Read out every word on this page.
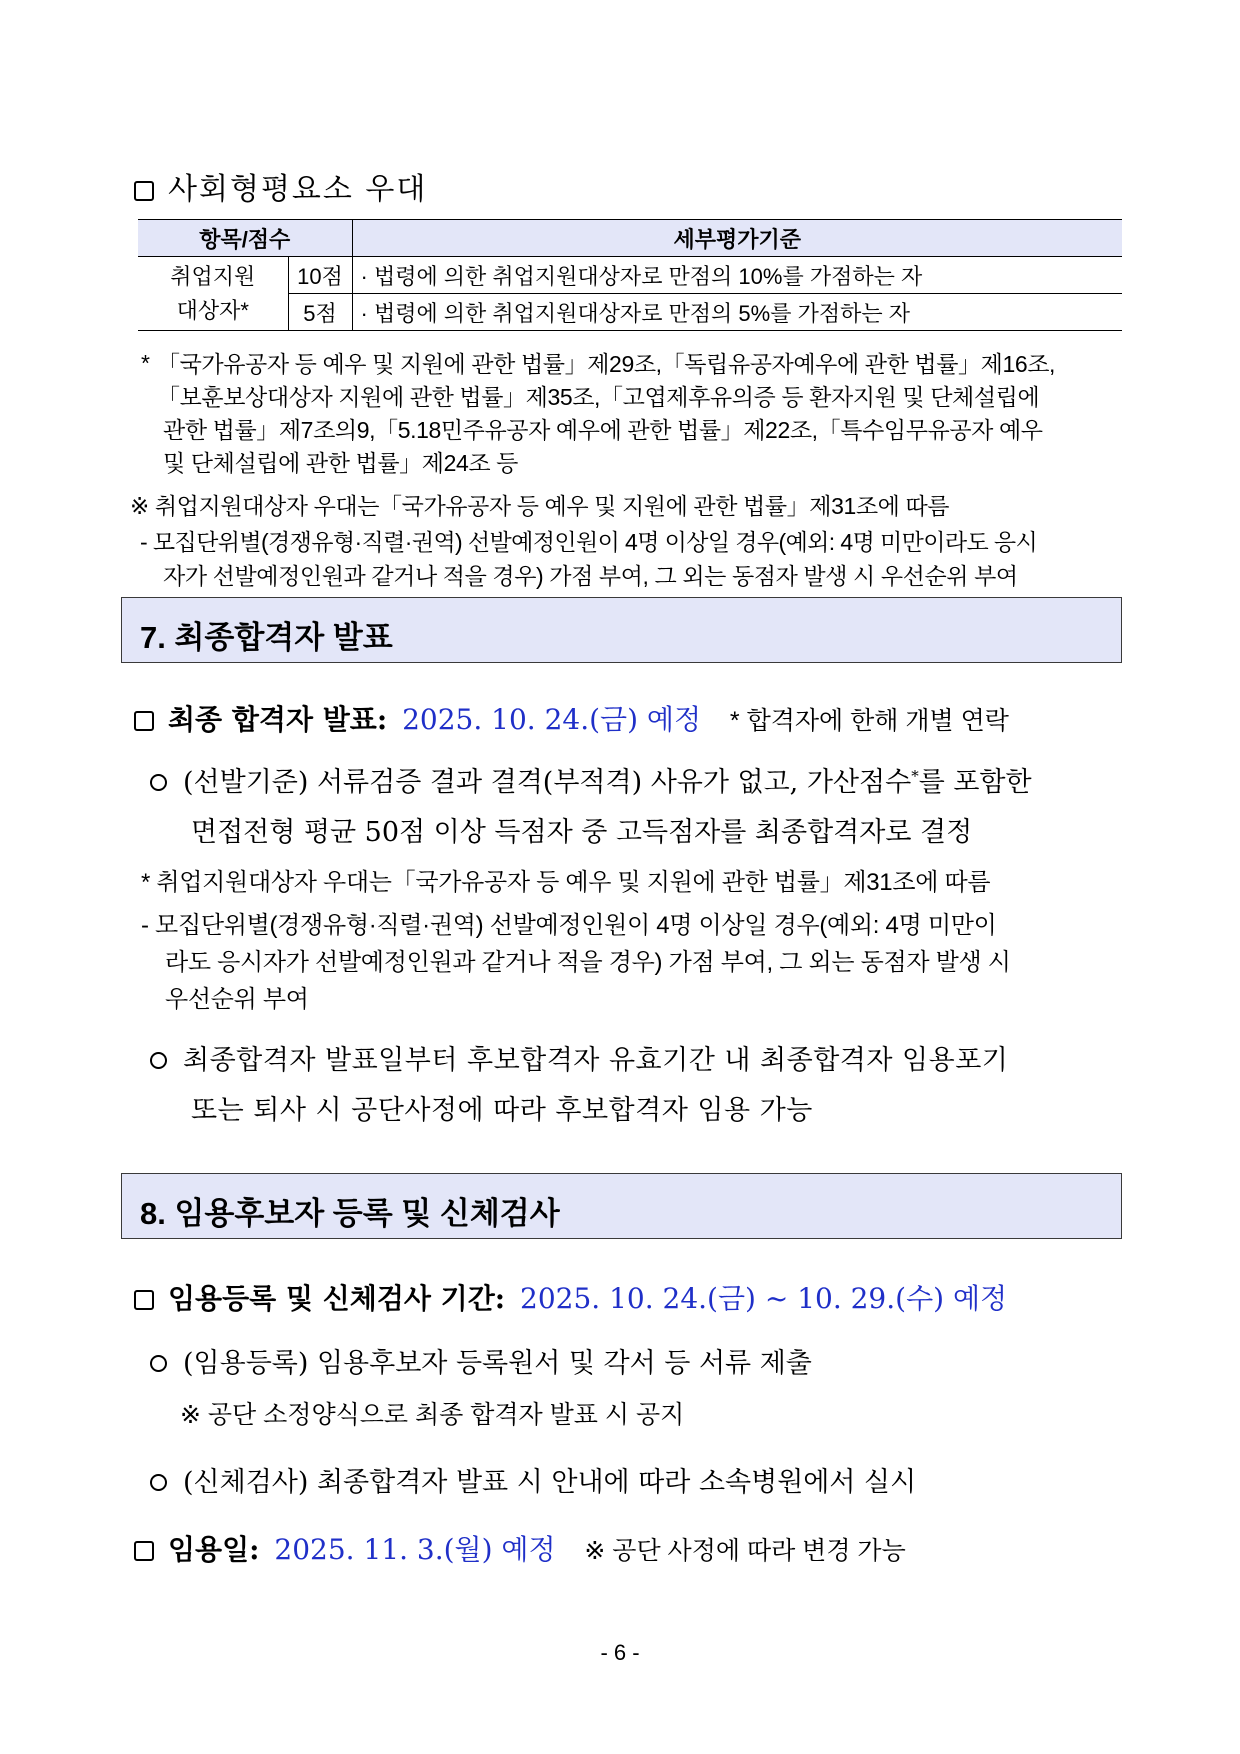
사회형평요소 우대
항목/점수		세부평가기준

취업지원
대상자*	10점	· 법령에 의한 취업지원대상자로 만점의 10%를 가점하는 자
	5점	· 법령에 의한 취업지원대상자로 만점의 5%를 가점하는 자
* 「국가유공자 등 예우 및 지원에 관한 법률」제29조,「독립유공자예우에 관한 법률」제16조,
「보훈보상대상자 지원에 관한 법률」제35조,「고엽제후유의증 등 환자지원 및 단체설립에
관한 법률」제7조의9,「5.18민주유공자 예우에 관한 법률」제22조,「특수임무유공자 예우
및 단체설립에 관한 법률」제24조 등
※ 취업지원대상자 우대는「국가유공자 등 예우 및 지원에 관한 법률」제31조에 따름
- 모집단위별(경쟁유형·직렬·권역) 선발예정인원이 4명 이상일 경우(예외: 4명 미만이라도 응시
자가 선발예정인원과 같거나 적을 경우) 가점 부여, 그 외는 동점자 발생 시 우선순위 부여
7. 최종합격자 발표
최종 합격자 발표: 2025. 10. 24.(금) 예정 * 합격자에 한해 개별 연락
(선발기준) 서류검증 결과 결격(부적격) 사유가 없고, 가산점수*를 포함한
면접전형 평균 50점 이상 득점자 중 고득점자를 최종합격자로 결정
* 취업지원대상자 우대는「국가유공자 등 예우 및 지원에 관한 법률」제31조에 따름
- 모집단위별(경쟁유형·직렬·권역) 선발예정인원이 4명 이상일 경우(예외: 4명 미만이
라도 응시자가 선발예정인원과 같거나 적을 경우) 가점 부여, 그 외는 동점자 발생 시
우선순위 부여
최종합격자 발표일부터 후보합격자 유효기간 내 최종합격자 임용포기
또는 퇴사 시 공단사정에 따라 후보합격자 임용 가능
8. 임용후보자 등록 및 신체검사
임용등록 및 신체검사 기간: 2025. 10. 24.(금) ~ 10. 29.(수) 예정
(임용등록) 임용후보자 등록원서 및 각서 등 서류 제출
※ 공단 소정양식으로 최종 합격자 발표 시 공지
(신체검사) 최종합격자 발표 시 안내에 따라 소속병원에서 실시
임용일: 2025. 11. 3.(월) 예정 ※ 공단 사정에 따라 변경 가능
- 6 -
